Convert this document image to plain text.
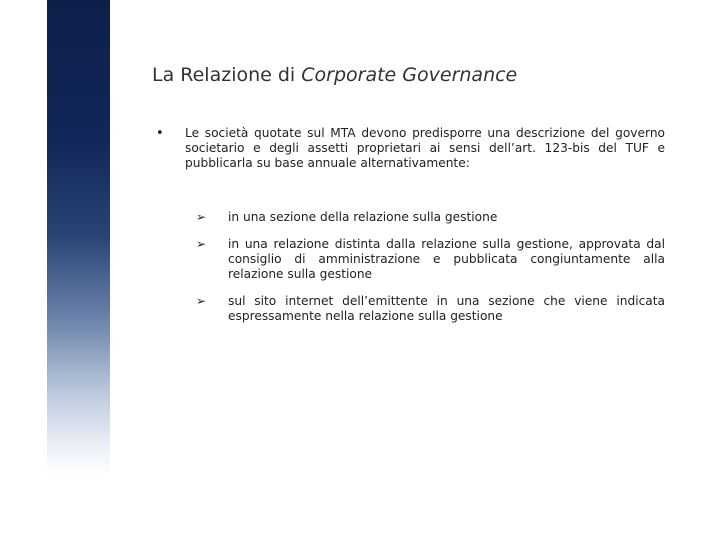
GIANNI, ORIGONI, GRIPPO & PARTNERS La Relazione di Corporate Governance
• Le società quotate sul MTA devono predisporre una descrizione del governo societario e degli assetti proprietari ai sensi dell’art. 123-bis del TUF e pubblicarla su base annuale alternativamente:

➢ in una sezione della relazione sulla gestione
➢ in una relazione distinta dalla relazione sulla gestione, approvata dal consiglio di amministrazione e pubblicata congiuntamente alla relazione sulla gestione
➢ sul sito internet dell’emittente in una sezione che viene indicata espressamente nella relazione sulla gestione
